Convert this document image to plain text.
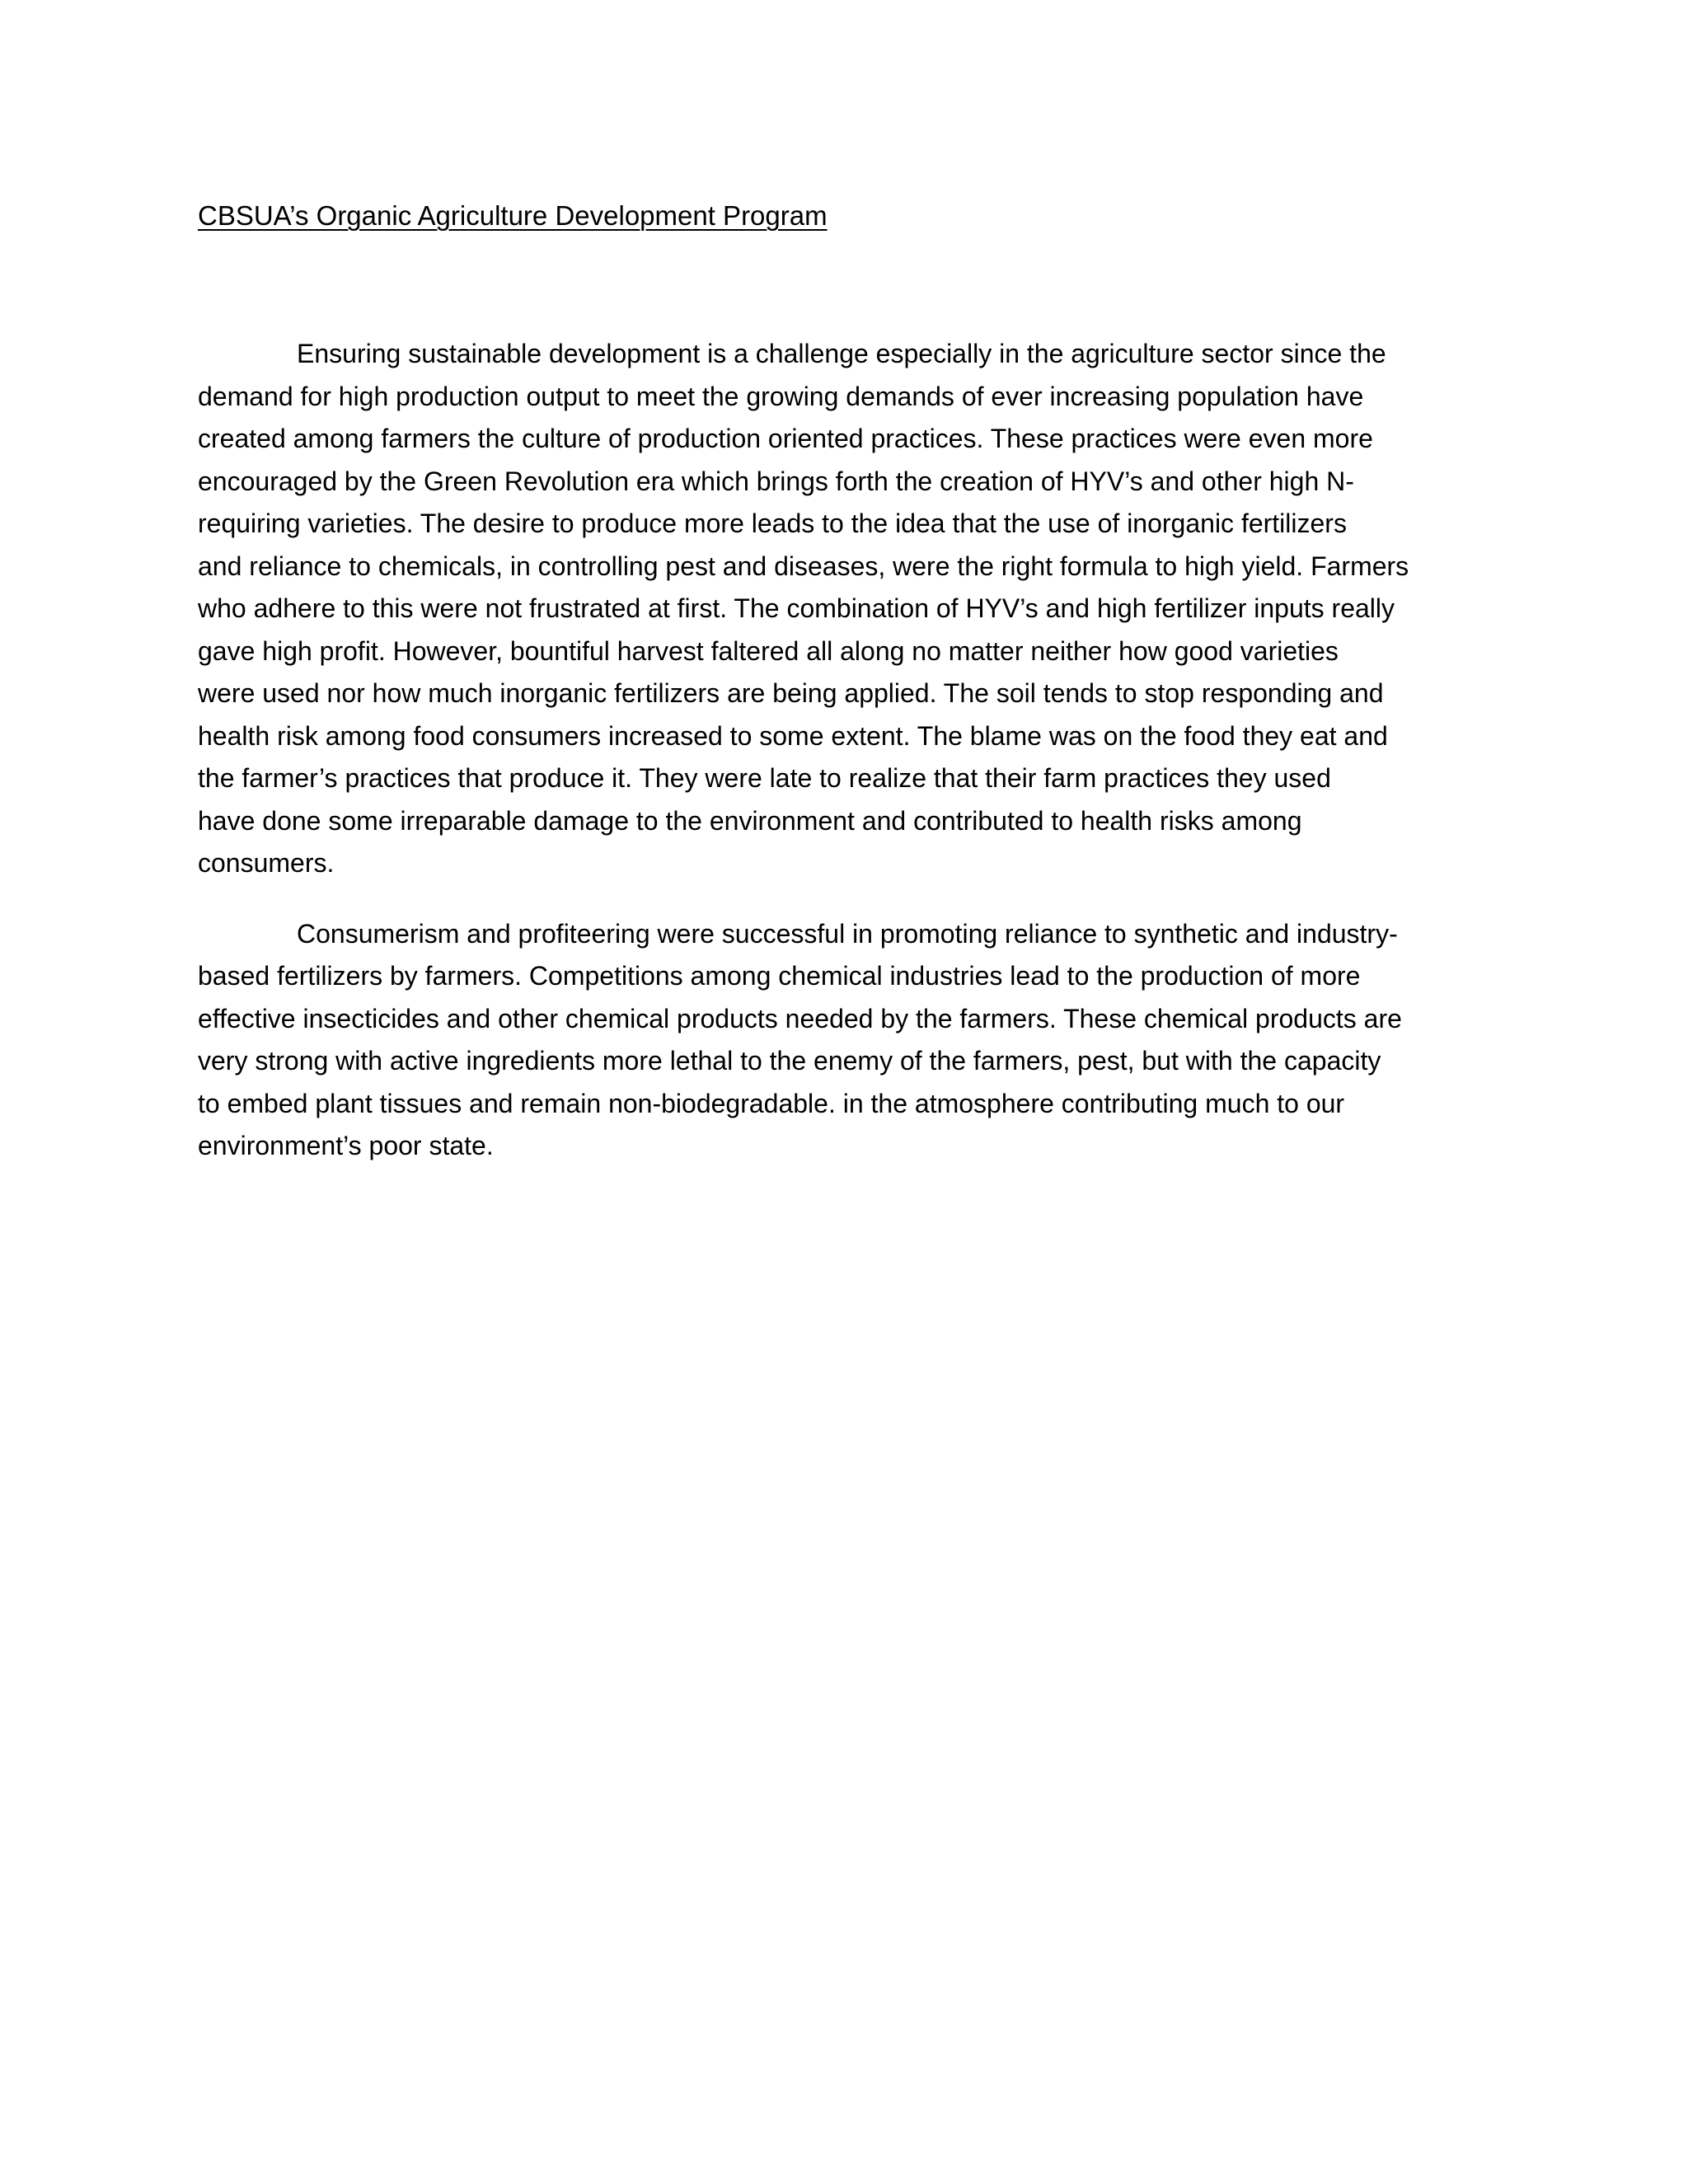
CBSUA’s Organic Agriculture Development Program

Ensuring sustainable development is a challenge especially in the agriculture sector since the
demand for high production output to meet the growing demands of ever increasing population have
created among farmers the culture of production oriented practices. These practices were even more
encouraged by the Green Revolution era which brings forth the creation of HYV’s and other high N-
requiring varieties. The desire to produce more leads to the idea that the use of inorganic fertilizers
and reliance to chemicals, in controlling pest and diseases, were the right formula to high yield. Farmers
who adhere to this were not frustrated at first. The combination of HYV’s and high fertilizer inputs really
gave high profit. However, bountiful harvest faltered all along no matter neither how good varieties
were used nor how much inorganic fertilizers are being applied. The soil tends to stop responding and
health risk among food consumers increased to some extent. The blame was on the food they eat and
the farmer’s practices that produce it. They were late to realize that their farm practices they used
have done some irreparable damage to the environment and contributed to health risks among
consumers.

Consumerism and profiteering were successful in promoting reliance to synthetic and industry-
based fertilizers by farmers. Competitions among chemical industries lead to the production of more
effective insecticides and other chemical products needed by the farmers. These chemical products are
very strong with active ingredients more lethal to the enemy of the farmers, pest, but with the capacity
to embed plant tissues and remain non-biodegradable. in the atmosphere contributing much to our
environment’s poor state.
